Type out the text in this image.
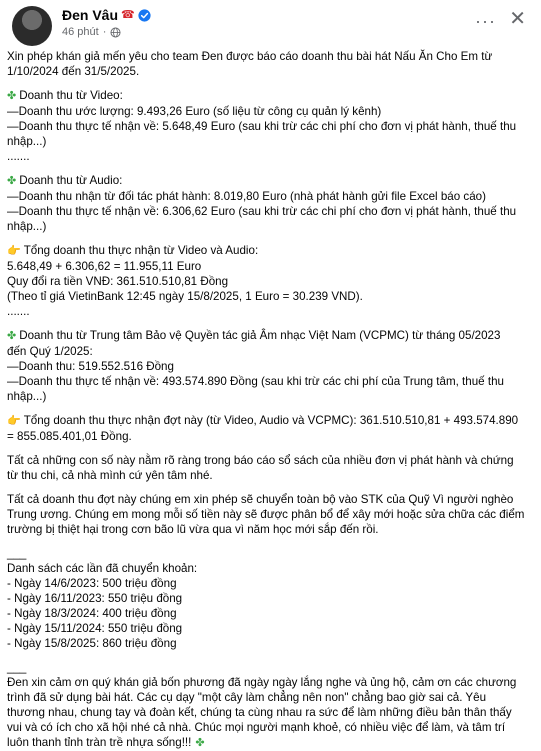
Đen Vâu ☎
46 phút ·
··· ✕

Xin phép khán giả mến yêu cho team Đen được báo cáo doanh thu bài hát Nấu Ăn Cho Em từ

1/10/2024 đến 31/5/2025.

✤ Doanh thu từ Video:

—Doanh thu ước lượng: 9.493,26 Euro (số liệu từ công cụ quản lý kênh)

—Doanh thu thực tế nhận về: 5.648,49 Euro (sau khi trừ các chi phí cho đơn vị phát hành, thuế thu

nhập...)

.......

✤ Doanh thu từ Audio:

—Doanh thu nhận từ đối tác phát hành: 8.019,80 Euro (nhà phát hành gửi file Excel báo cáo)

—Doanh thu thực tế nhận về: 6.306,62 Euro (sau khi trừ các chi phí cho đơn vị phát hành, thuế thu

nhập...)

👉 Tổng doanh thu thực nhận từ Video và Audio:

5.648,49 + 6.306,62 = 11.955,11 Euro

Quy đổi ra tiền VNĐ: 361.510.510,81 Đồng

(Theo tỉ giá VietinBank 12:45 ngày 15/8/2025, 1 Euro = 30.239 VND).

.......

✤ Doanh thu từ Trung tâm Bảo vệ Quyền tác giả Âm nhạc Việt Nam (VCPMC) từ tháng 05/2023

đến Quý 1/2025:

—Doanh thu: 519.552.516 Đồng

—Doanh thu thực tế nhận về: 493.574.890 Đồng (sau khi trừ các chi phí của Trung tâm, thuế thu

nhập...)

👉 Tổng doanh thu thực nhận đợt này (từ Video, Audio và VCPMC): 361.510.510,81 + 493.574.890

= 855.085.401,01 Đồng.

Tất cả những con số này nằm rõ ràng trong báo cáo sổ sách của nhiều đơn vị phát hành và chứng

từ thu chi, cả nhà mình cứ yên tâm nhé.

Tất cả doanh thu đợt này chúng em xin phép sẽ chuyển toàn bộ vào STK của Quỹ Vì người nghèo

Trung ương. Chúng em mong mỗi số tiền này sẽ được phân bổ để xây mới hoặc sửa chữa các điểm

trường bị thiệt hại trong cơn bão lũ vừa qua vì năm học mới sắp đến rồi.

___

Danh sách các lần đã chuyển khoản:

- Ngày 14/6/2023: 500 triệu đồng

- Ngày 16/11/2023: 550 triệu đồng

- Ngày 18/3/2024: 400 triệu đồng

- Ngày 15/11/2024: 550 triệu đồng

- Ngày 15/8/2025: 860 triệu đồng

___

Đen xin cảm ơn quý khán giả bốn phương đã ngày ngày lắng nghe và ủng hộ, cảm ơn các chương

trình đã sử dụng bài hát. Các cụ dạy "một cây làm chẳng nên non" chẳng bao giờ sai cả. Yêu

thương nhau, chung tay và đoàn kết, chúng ta cùng nhau ra sức để làm những điều bản thân thấy

vui và có ích cho xã hội nhé cả nhà. Chúc mọi người mạnh khoẻ, có nhiều việc để làm, và tâm trí

luôn thanh tỉnh tràn trề nhựa sống!!! ✤
